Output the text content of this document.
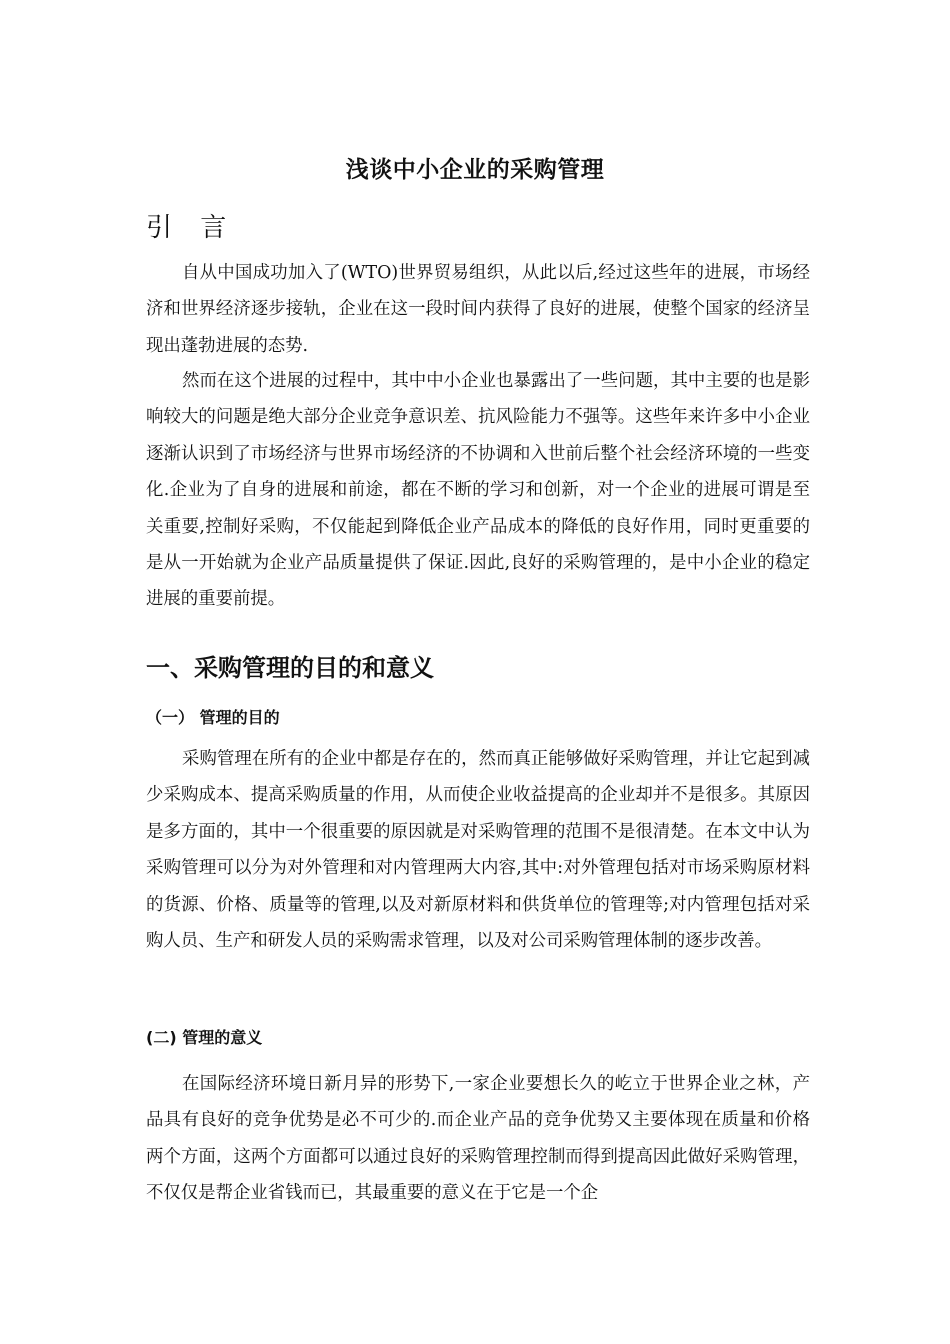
浅谈中小企业的采购管理
引 言

自从中国成功加入了(WTO)世界贸易组织，从此以后,经过这些年的进展，市场经济和世界经济逐步接轨，企业在这一段时间内获得了良好的进展，使整个国家的经济呈现出蓬勃进展的态势.

然而在这个进展的过程中，其中中小企业也暴露出了一些问题，其中主要的也是影响较大的问题是绝大部分企业竞争意识差、抗风险能力不强等。这些年来许多中小企业逐渐认识到了市场经济与世界市场经济的不协调和入世前后整个社会经济环境的一些变化.企业为了自身的进展和前途，都在不断的学习和创新，对一个企业的进展可谓是至关重要,控制好采购，不仅能起到降低企业产品成本的降低的良好作用，同时更重要的是从一开始就为企业产品质量提供了保证.因此,良好的采购管理的，是中小企业的稳定进展的重要前提。

一、采购管理的目的和意义
（一） 管理的目的

采购管理在所有的企业中都是存在的，然而真正能够做好采购管理，并让它起到减少采购成本、提高采购质量的作用，从而使企业收益提高的企业却并不是很多。其原因是多方面的，其中一个很重要的原因就是对采购管理的范围不是很清楚。在本文中认为采购管理可以分为对外管理和对内管理两大内容,其中:对外管理包括对市场采购原材料的货源、价格、质量等的管理,以及对新原材料和供货单位的管理等;对内管理包括对采购人员、生产和研发人员的采购需求管理，以及对公司采购管理体制的逐步改善。

(二) 管理的意义

在国际经济环境日新月异的形势下,一家企业要想长久的屹立于世界企业之林，产品具有良好的竞争优势是必不可少的.而企业产品的竞争优势又主要体现在质量和价格两个方面，这两个方面都可以通过良好的采购管理控制而得到提高因此做好采购管理，不仅仅是帮企业省钱而已，其最重要的意义在于它是一个企
